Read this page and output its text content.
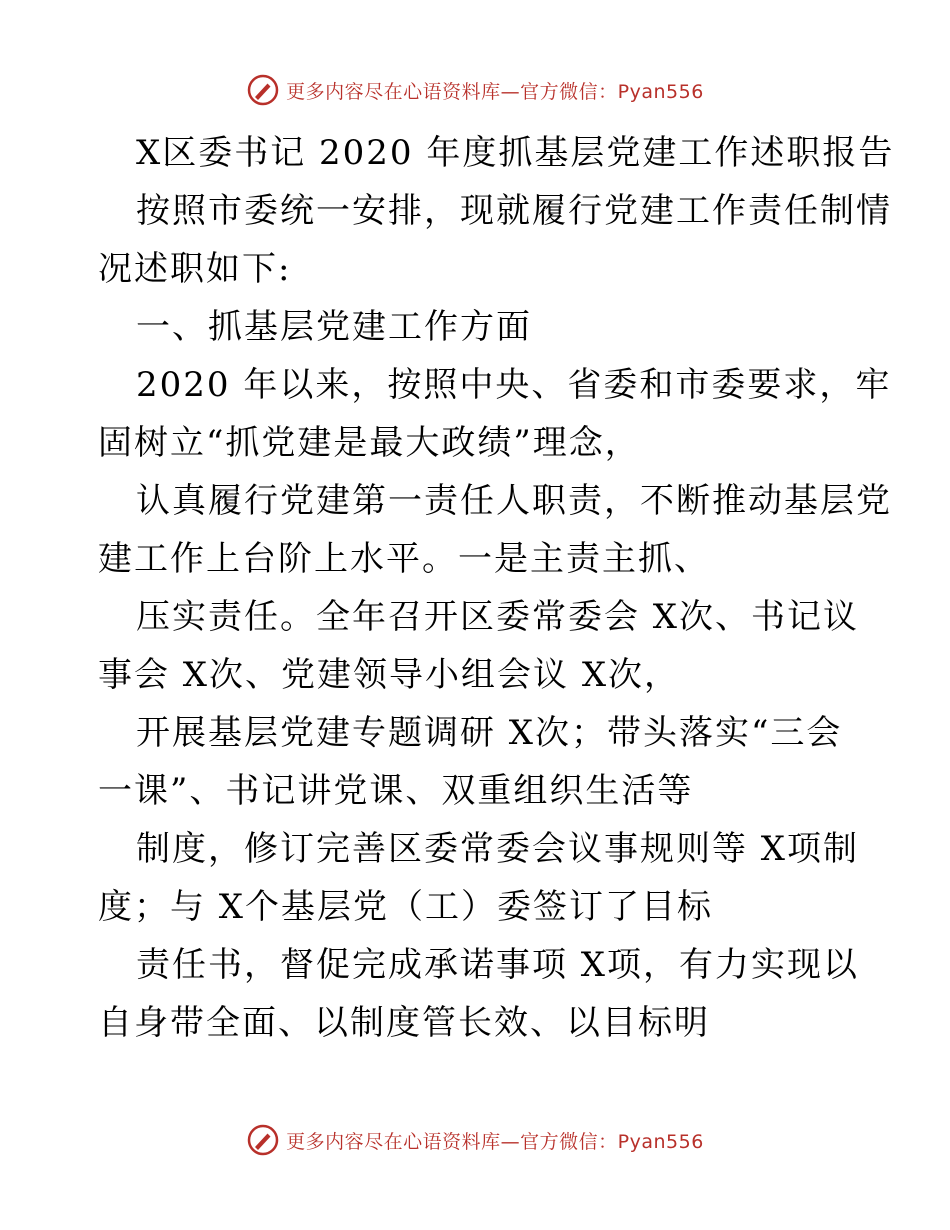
更多内容尽在心语资料库—官方微信：Pyan556
X区委书记 2020 年度抓基层党建工作述职报告
按照市委统一安排，现就履行党建工作责任制情
况述职如下:
一、抓基层党建工作方面
2020 年以来，按照中央、省委和市委要求，牢
固树立“抓党建是最大政绩”理念，
认真履行党建第一责任人职责，不断推动基层党
建工作上台阶上水平。一是主责主抓、
压实责任。全年召开区委常委会 X次、书记议
事会 X次、党建领导小组会议 X次，
开展基层党建专题调研 X次；带头落实“三会
一课”、书记讲党课、双重组织生活等
制度，修订完善区委常委会议事规则等 X项制
度；与 X个基层党（工）委签订了目标
责任书，督促完成承诺事项 X项，有力实现以
自身带全面、以制度管长效、以目标明
更多内容尽在心语资料库—官方微信：Pyan556
